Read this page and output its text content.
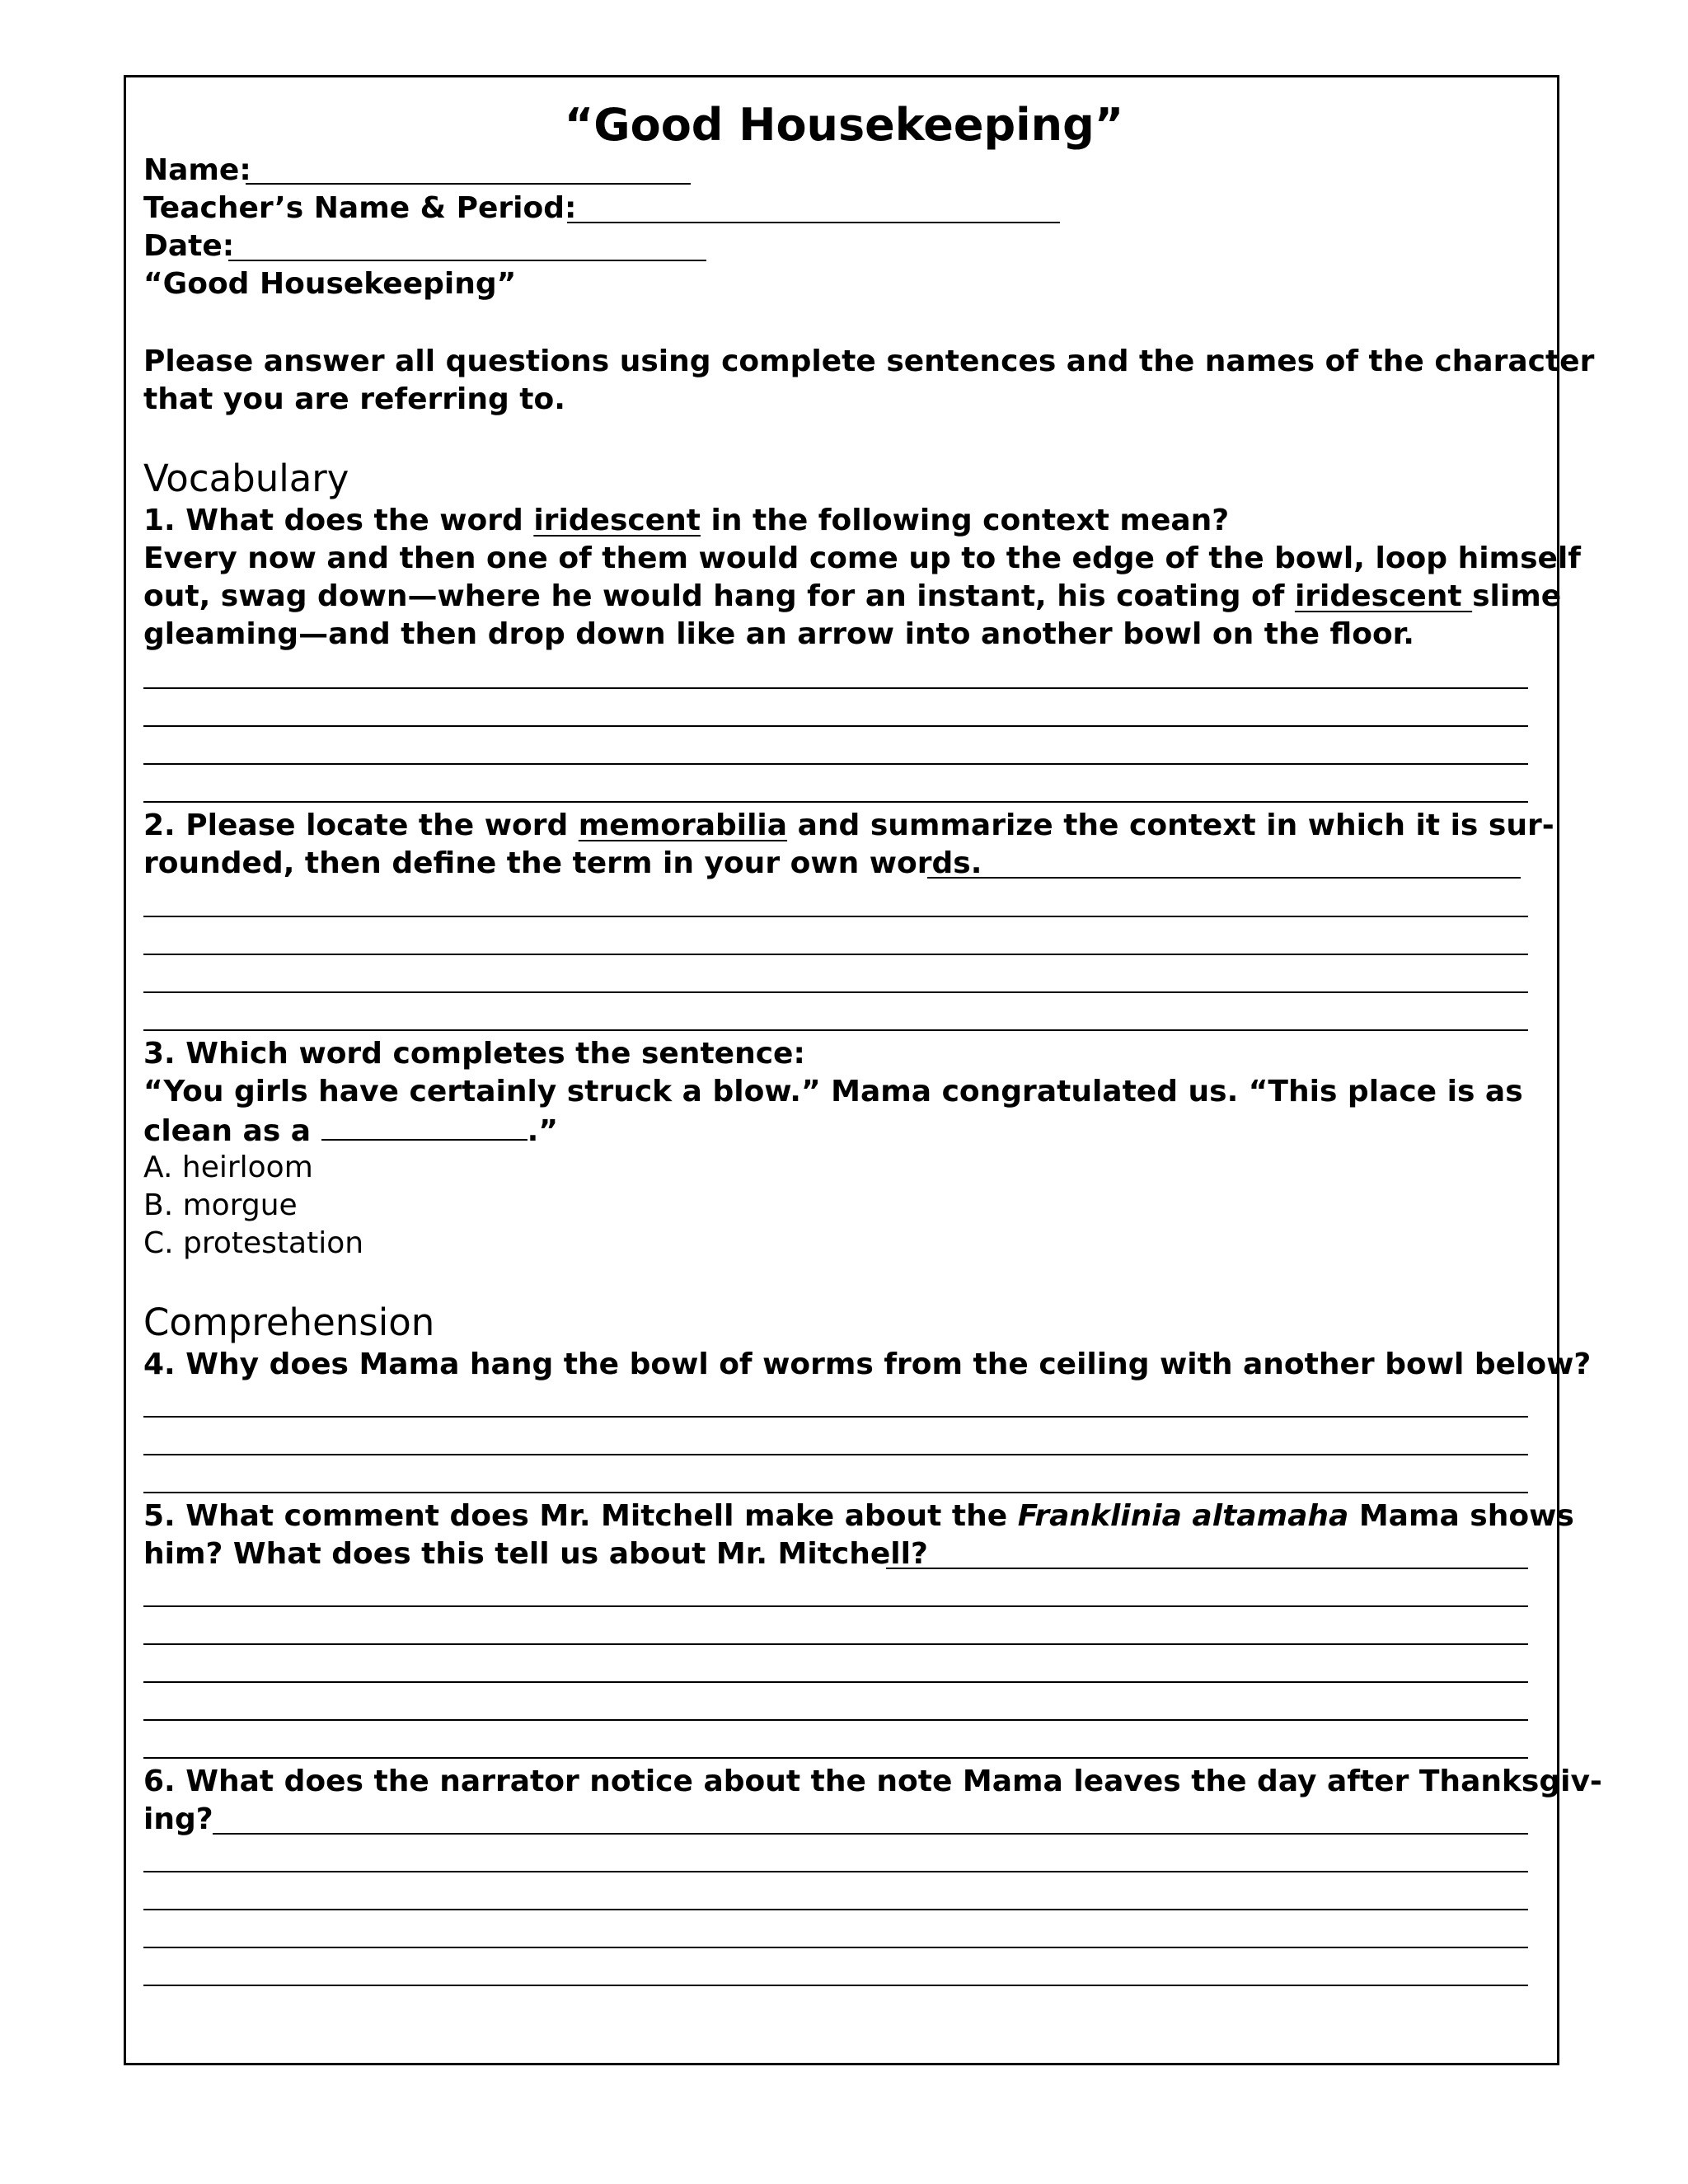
“Good Housekeeping”
Name:
Teacher’s Name & Period:
Date:
“Good Housekeeping”
Please answer all questions using complete sentences and the names of the character
that you are referring to.
Vocabulary
1. What does the word iridescent in the following context mean?
Every now and then one of them would come up to the edge of the bowl, loop himself
out, swag down—where he would hang for an instant, his coating of iridescent slime
gleaming—and then drop down like an arrow into another bowl on the floor.
2. Please locate the word memorabilia and summarize the context in which it is sur-
rounded, then define the term in your own words.
3. Which word completes the sentence:
“You girls have certainly struck a blow.” Mama congratulated us. “This place is as
clean as a	.”
A. heirloom
B. morgue
C. protestation
Comprehension
4. Why does Mama hang the bowl of worms from the ceiling with another bowl below?
5. What comment does Mr. Mitchell make about the Franklinia altamaha Mama shows
him? What does this tell us about Mr. Mitchell?
6. What does the narrator notice about the note Mama leaves the day after Thanksgiv-
ing?
